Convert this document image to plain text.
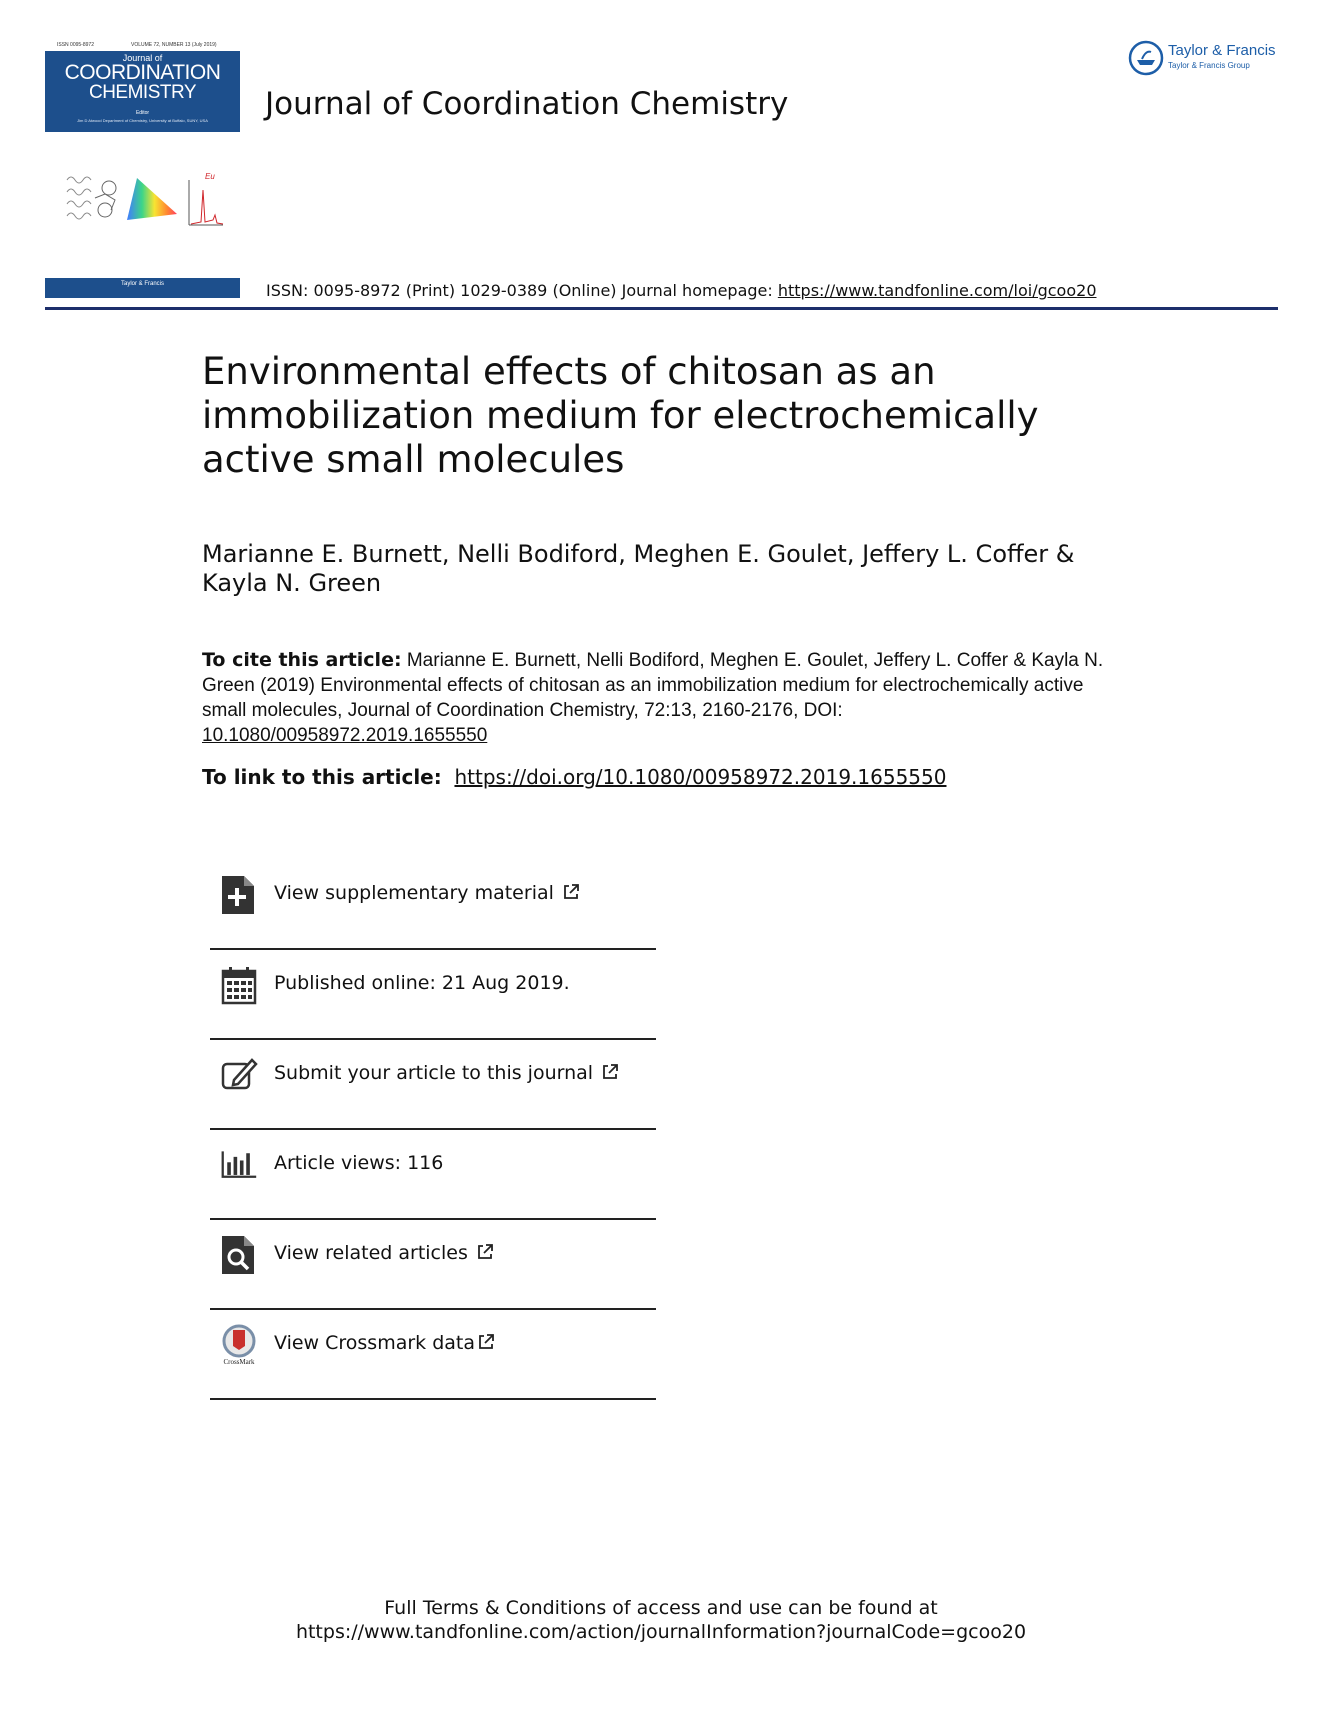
ISSN 0095-8972	VOLUME 72, NUMBER 13 (July 2019)
Journal of
COORDINATION
CHEMISTRY
Editor
Jim D Atwood Department of Chemistry, University at Buffalo, SUNY, USA
Eu
Taylor & Francis
Journal of Coordination Chemistry
Taylor & Francis
Taylor & Francis Group
ISSN: 0095-8972 (Print) 1029-0389 (Online) Journal homepage: https://www.tandfonline.com/loi/gcoo20
Environmental effects of chitosan as an immobilization medium for electrochemically active small molecules
Marianne E. Burnett, Nelli Bodiford, Meghen E. Goulet, Jeffery L. Coffer & Kayla N. Green
To cite this article: Marianne E. Burnett, Nelli Bodiford, Meghen E. Goulet, Jeffery L. Coffer & Kayla N. Green (2019) Environmental effects of chitosan as an immobilization medium for electrochemically active small molecules, Journal of Coordination Chemistry, 72:13, 2160-2176, DOI: 10.1080/00958972.2019.1655550
To link to this article: https://doi.org/10.1080/00958972.2019.1655550
View supplementary material
Published online: 21 Aug 2019.
Submit your article to this journal
Article views: 116
View related articles
CrossMark
View Crossmark data
Full Terms & Conditions of access and use can be found at
https://www.tandfonline.com/action/journalInformation?journalCode=gcoo20
